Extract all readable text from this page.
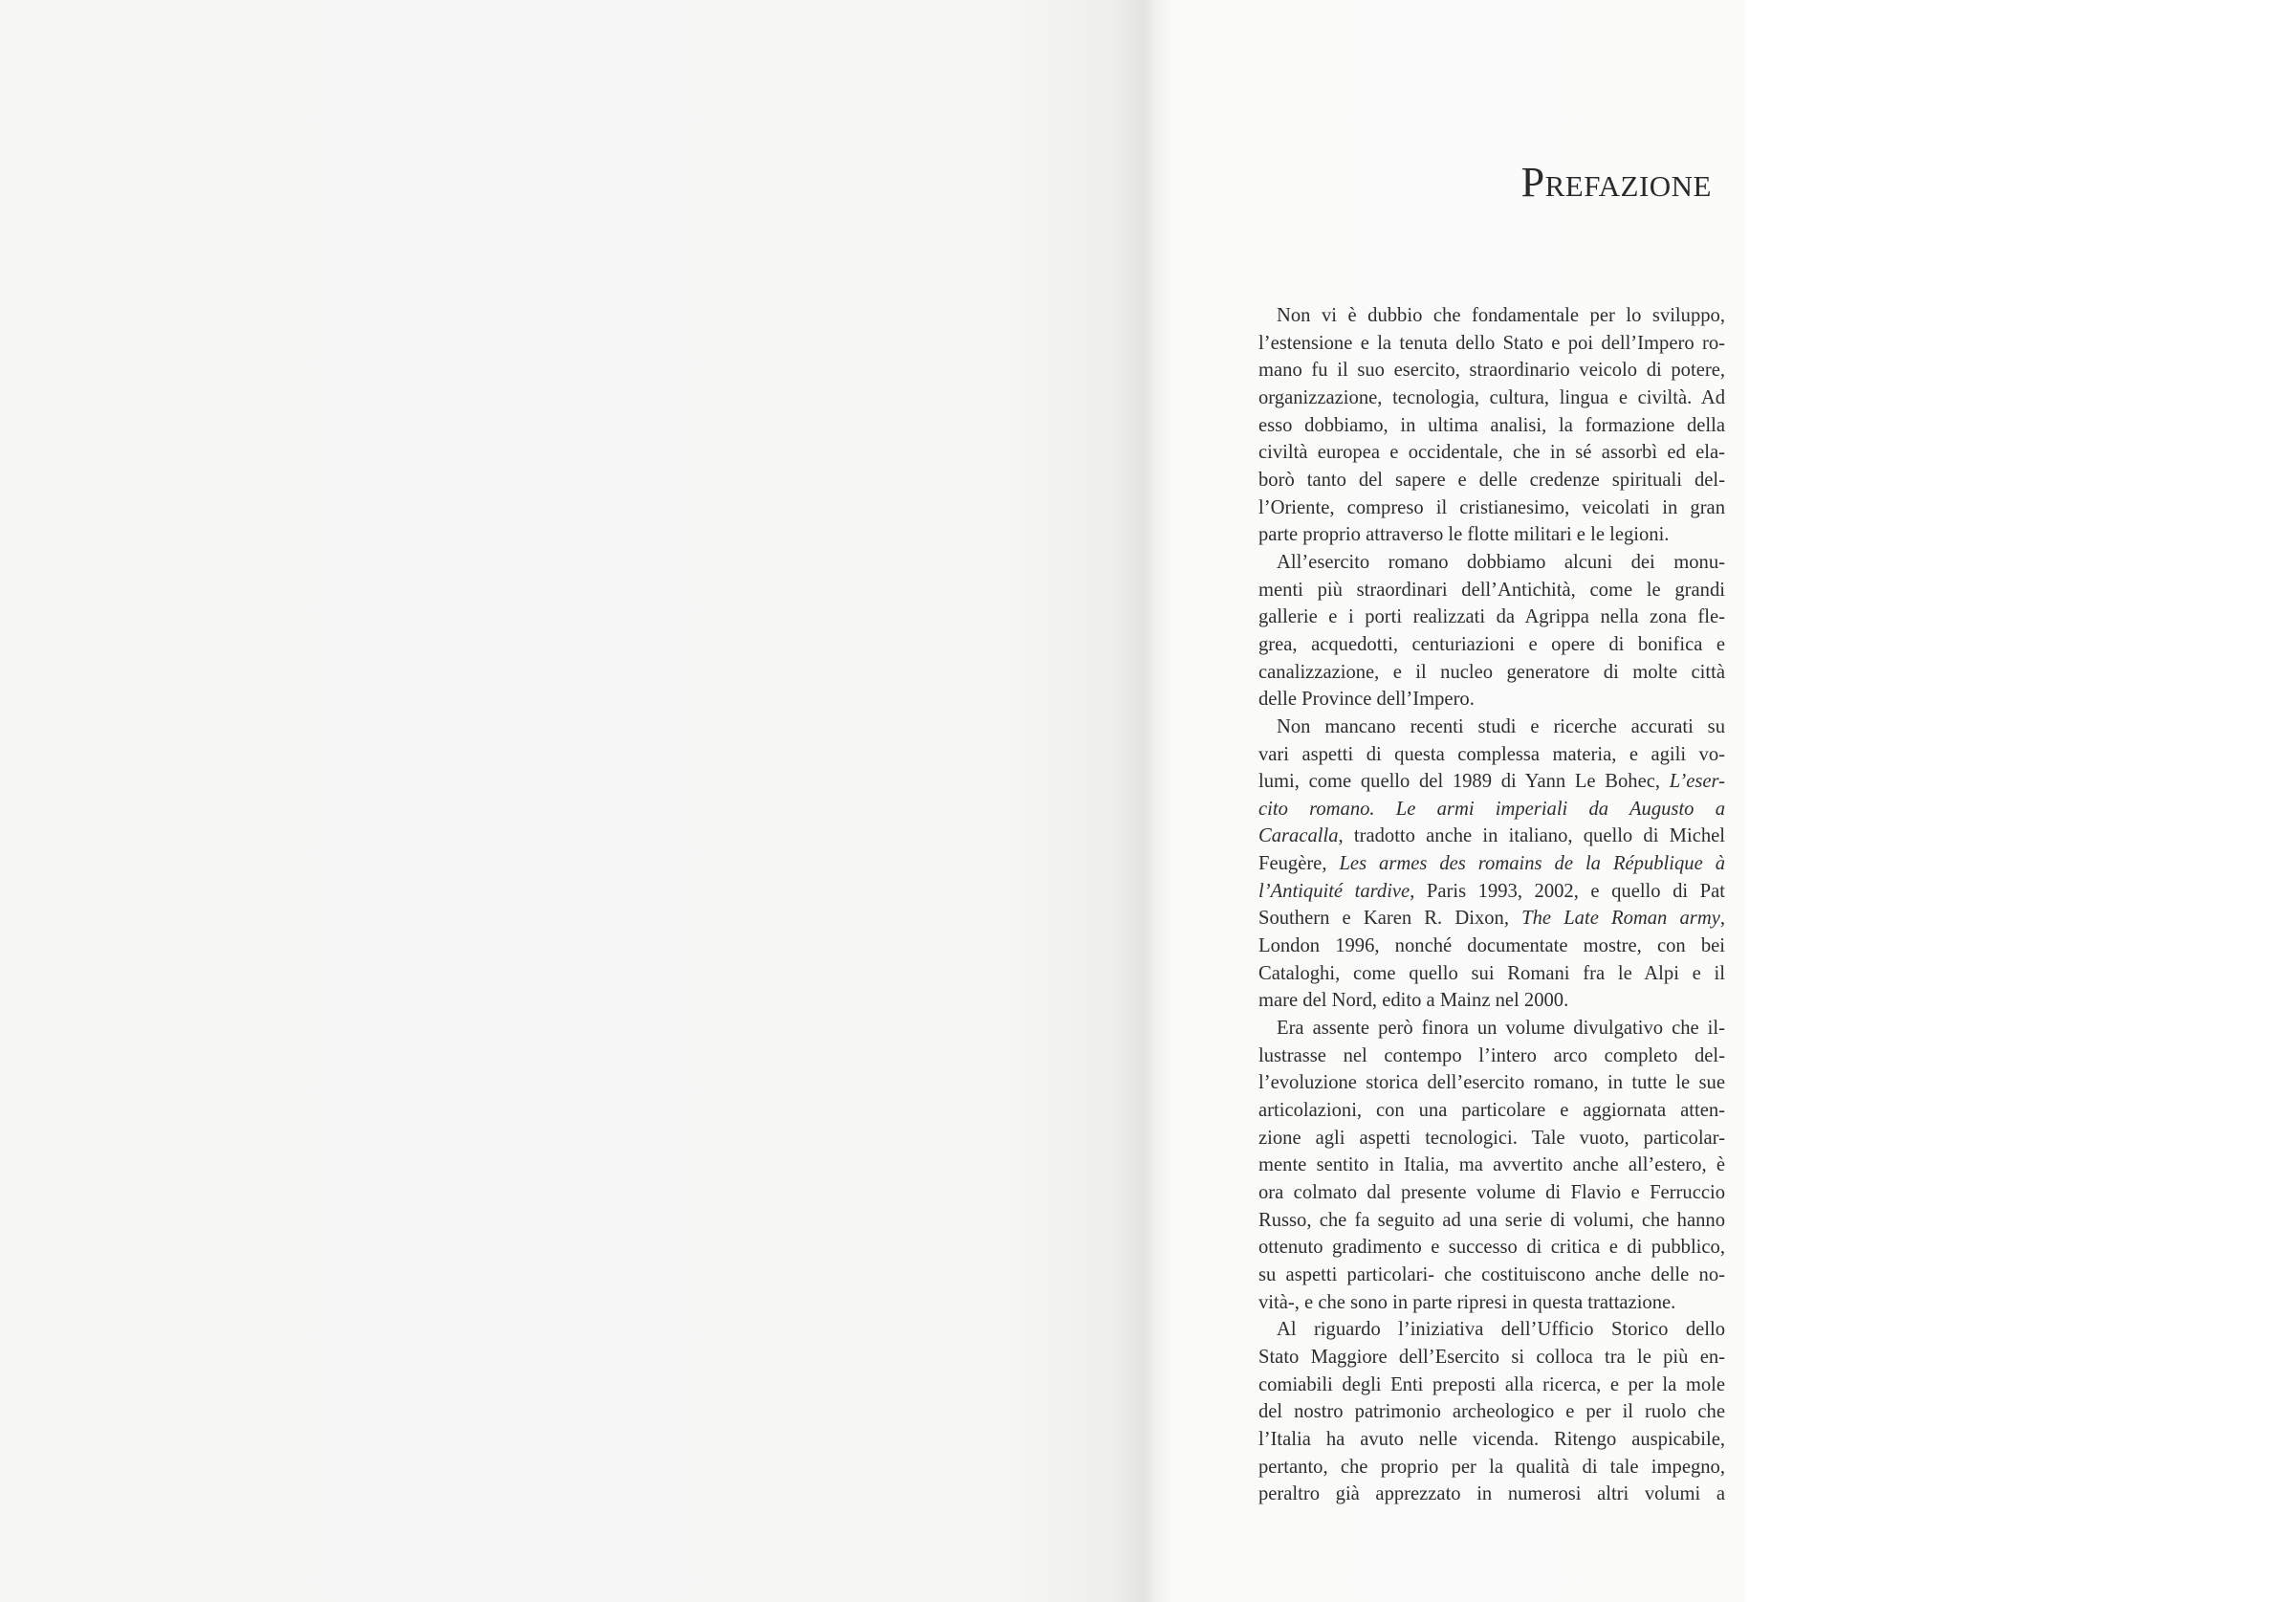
Prefazione

Non vi è dubbio che fondamentale per lo sviluppo,
l’estensione e la tenuta dello Stato e poi dell’Impero ro-
mano fu il suo esercito, straordinario veicolo di potere,
organizzazione, tecnologia, cultura, lingua e civiltà. Ad
esso dobbiamo, in ultima analisi, la formazione della
civiltà europea e occidentale, che in sé assorbì ed ela-
borò tanto del sapere e delle credenze spirituali del-
l’Oriente, compreso il cristianesimo, veicolati in gran
parte proprio attraverso le flotte militari e le legioni.

All’esercito romano dobbiamo alcuni dei monu-
menti più straordinari dell’Antichità, come le grandi
gallerie e i porti realizzati da Agrippa nella zona fle-
grea, acquedotti, centuriazioni e opere di bonifica e
canalizzazione, e il nucleo generatore di molte città
delle Province dell’Impero.

Non mancano recenti studi e ricerche accurati su
vari aspetti di questa complessa materia, e agili vo-
lumi, come quello del 1989 di Yann Le Bohec, L’eser-
cito romano. Le armi imperiali da Augusto a
Caracalla, tradotto anche in italiano, quello di Michel
Feugère, Les armes des romains de la République à
l’Antiquité tardive, Paris 1993, 2002, e quello di Pat
Southern e Karen R. Dixon, The Late Roman army,
London 1996, nonché documentate mostre, con bei
Cataloghi, come quello sui Romani fra le Alpi e il
mare del Nord, edito a Mainz nel 2000.

Era assente però finora un volume divulgativo che il-
lustrasse nel contempo l’intero arco completo del-
l’evoluzione storica dell’esercito romano, in tutte le sue
articolazioni, con una particolare e aggiornata atten-
zione agli aspetti tecnologici. Tale vuoto, particolar-
mente sentito in Italia, ma avvertito anche all’estero, è
ora colmato dal presente volume di Flavio e Ferruccio
Russo, che fa seguito ad una serie di volumi, che hanno
ottenuto gradimento e successo di critica e di pubblico,
su aspetti particolari- che costituiscono anche delle no-
vità-, e che sono in parte ripresi in questa trattazione.

Al riguardo l’iniziativa dell’Ufficio Storico dello
Stato Maggiore dell’Esercito si colloca tra le più en-
comiabili degli Enti preposti alla ricerca, e per la mole
del nostro patrimonio archeologico e per il ruolo che
l’Italia ha avuto nelle vicenda. Ritengo auspicabile,
pertanto, che proprio per la qualità di tale impegno,
peraltro già apprezzato in numerosi altri volumi a
